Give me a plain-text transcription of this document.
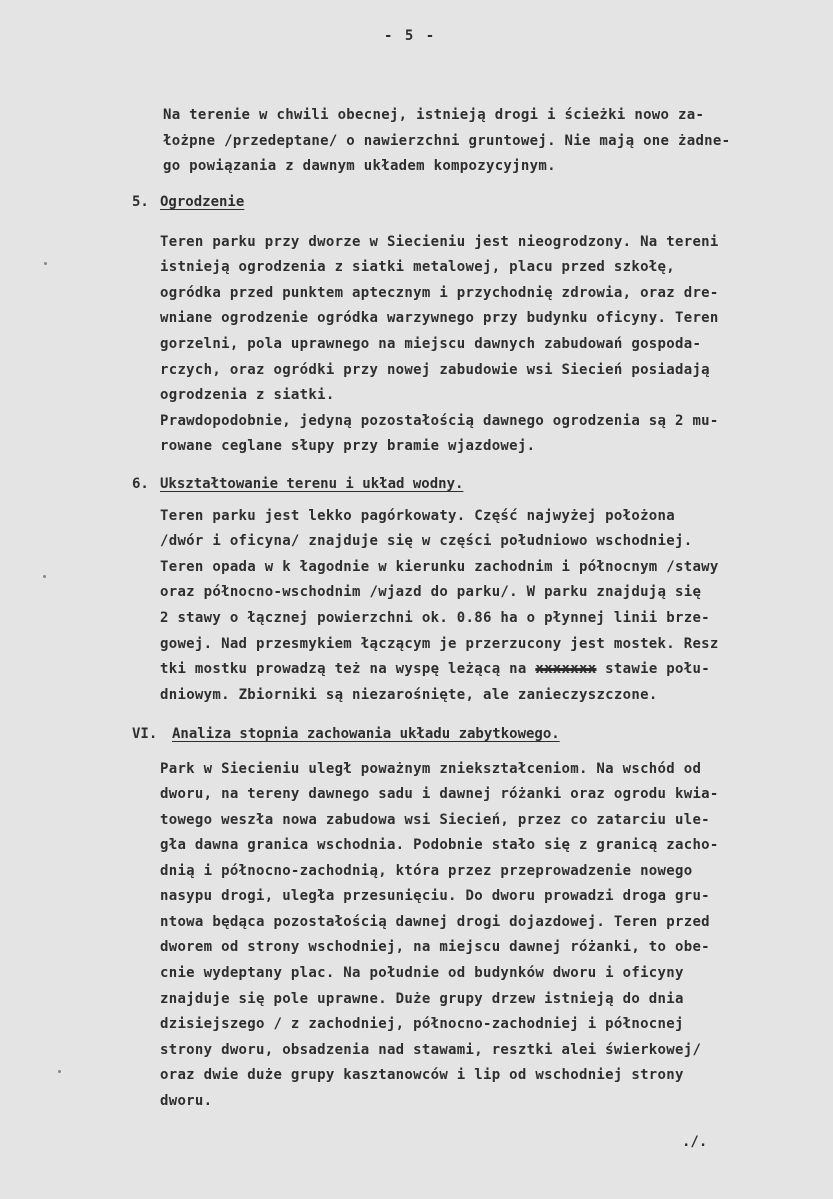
- 5 -
Na terenie w chwili obecnej, istnieją drogi i ścieżki nowo za-
łożpne /przedeptane/ o nawierzchni gruntowej. Nie mają one żadne-
go powiązania z dawnym układem kompozycyjnym.
5. Ogrodzenie
Teren parku przy dworze w Siecieniu jest nieogrodzony. Na tereni
istnieją ogrodzenia z siatki metalowej, placu przed szkołę,
ogródka przed punktem aptecznym i przychodnię zdrowia, oraz dre-
wniane ogrodzenie ogródka warzywnego przy budynku oficyny. Teren
gorzelni, pola uprawnego na miejscu dawnych zabudowań gospoda-
rczych, oraz ogródki przy nowej zabudowie wsi Siecień posiadają
ogrodzenia z siatki.
Prawdopodobnie, jedyną pozostałością dawnego ogrodzenia są 2 mu-
rowane ceglane słupy przy bramie wjazdowej.
6. Ukształtowanie terenu i układ wodny.
Teren parku jest lekko pagórkowaty. Część najwyżej położona
/dwór i oficyna/ znajduje się w części południowo wschodniej.
Teren opada w k łagodnie w kierunku zachodnim i północnym /stawy
oraz północno-wschodnim /wjazd do parku/. W parku znajdują się
2 stawy o łącznej powierzchni ok. 0.86 ha o płynnej linii brze-
gowej. Nad przesmykiem łączącym je przerzucony jest mostek. Resz
tki mostku prowadzą też na wyspę leżącą na xxxxxxx stawie połu-
dniowym. Zbiorniki są niezarośnięte, ale zanieczyszczone.
VI. Analiza stopnia zachowania układu zabytkowego.
Park w Siecieniu uległ poważnym zniekształceniom. Na wschód od
dworu, na tereny dawnego sadu i dawnej różanki oraz ogrodu kwia-
towego weszła nowa zabudowa wsi Siecień, przez co zatarciu ule-
gła dawna granica wschodnia. Podobnie stało się z granicą zacho-
dnią i północno-zachodnią, która przez przeprowadzenie nowego
nasypu drogi, uległa przesunięciu. Do dworu prowadzi droga gru-
ntowa będąca pozostałością dawnej drogi dojazdowej. Teren przed
dworem od strony wschodniej, na miejscu dawnej różanki, to obe-
cnie wydeptany plac. Na południe od budynków dworu i oficyny
znajduje się pole uprawne. Duże grupy drzew istnieją do dnia
dzisiejszego / z zachodniej, północno-zachodniej i północnej
strony dworu, obsadzenia nad stawami, resztki alei świerkowej/
oraz dwie duże grupy kasztanowców i lip od wschodniej strony
dworu.
./.
